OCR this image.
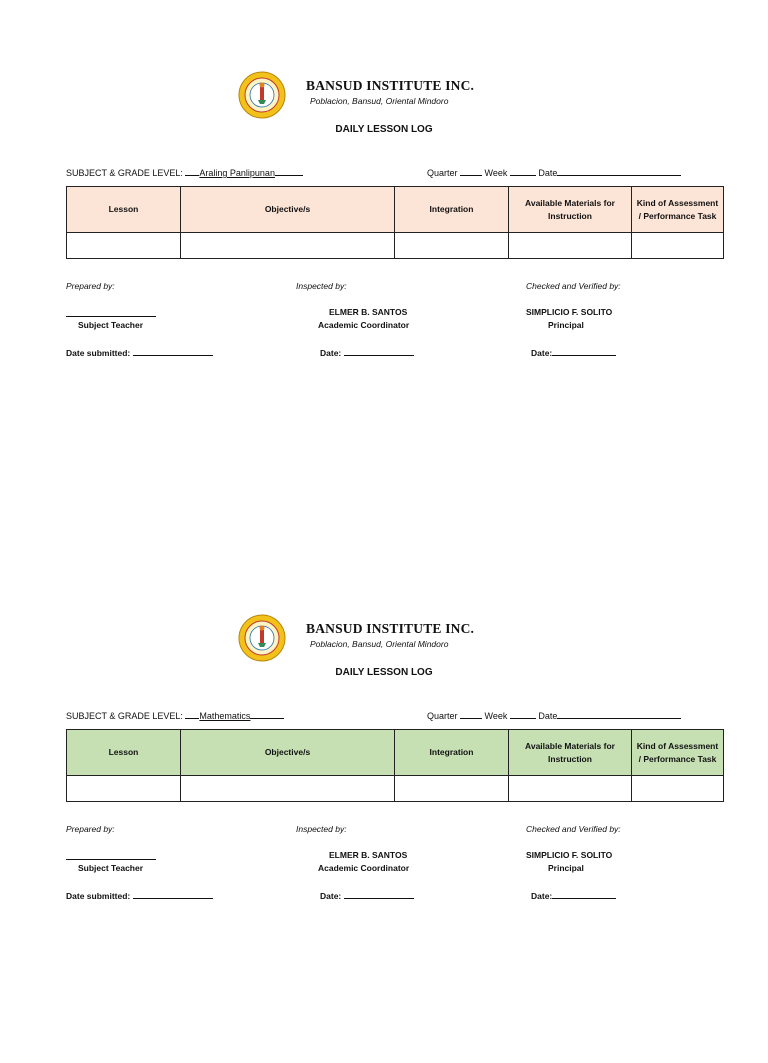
BANSUD INSTITUTE INC.
Poblacion, Bansud, Oriental Mindoro
DAILY LESSON LOG
SUBJECT & GRADE LEVEL: Araling Panlipunan	Quarter	Week	Date
Lesson	Objective/s	Integration	Available Materials for Instruction	Kind of Assessment / Performance Task

Prepared by:	Inspected by:	Checked and Verified by:
Subject Teacher
ELMER B. SANTOS
Academic Coordinator
SIMPLICIO F. SOLITO
Principal
Date submitted:	Date:	Date:
BANSUD INSTITUTE INC.
Poblacion, Bansud, Oriental Mindoro
DAILY LESSON LOG
SUBJECT & GRADE LEVEL: Mathematics	Quarter	Week	Date
Lesson	Objective/s	Integration	Available Materials for Instruction	Kind of Assessment / Performance Task

Prepared by:	Inspected by:	Checked and Verified by:
Subject Teacher
ELMER B. SANTOS
Academic Coordinator
SIMPLICIO F. SOLITO
Principal
Date submitted:	Date:	Date:
